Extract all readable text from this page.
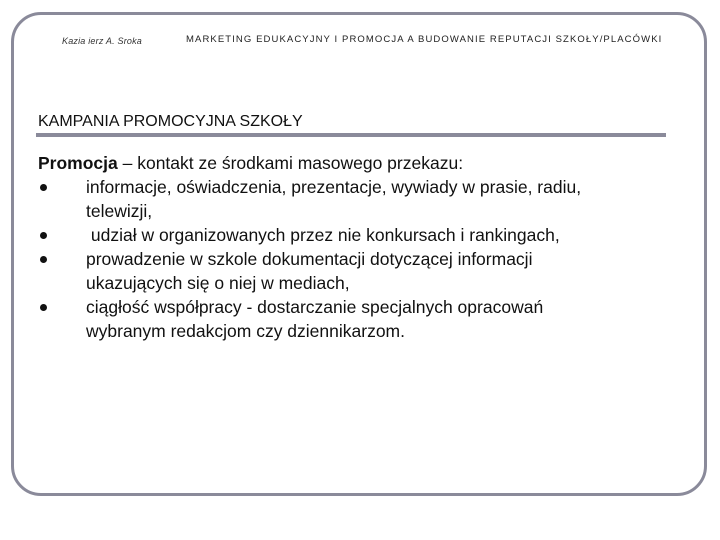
Kazia ierz A. Sroka	MARKETING EDUKACYJNY I PROMOCJA A BUDOWANIE REPUTACJI SZKOŁY/PLACÓWKI
KAMPANIA PROMOCYJNA SZKOŁY
Promocja – kontakt ze środkami masowego przekazu:
informacje, oświadczenia, prezentacje, wywiady w prasie, radiu,
telewizji,
udział w organizowanych przez nie konkursach i rankingach,
prowadzenie w szkole dokumentacji dotyczącej informacji
ukazujących się o niej w mediach,
ciągłość współpracy - dostarczanie specjalnych opracowań
wybranym redakcjom czy dziennikarzom.
